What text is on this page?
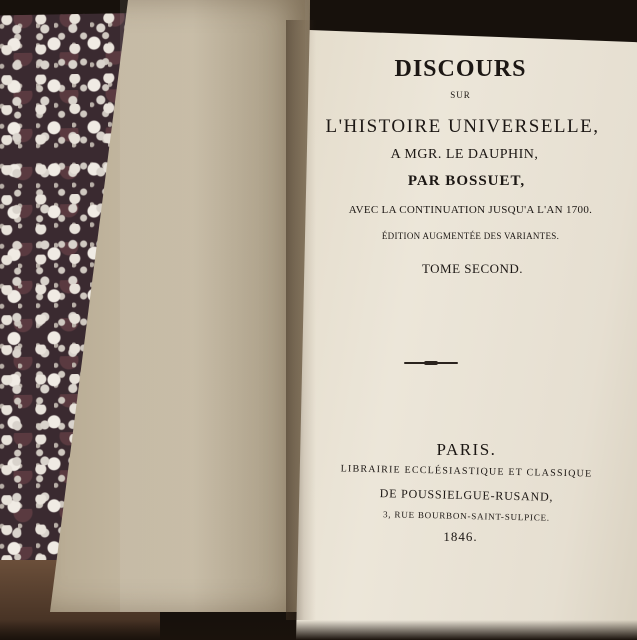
DISCOURS
SUR
L'HISTOIRE UNIVERSELLE,
A MGR. LE DAUPHIN,
PAR BOSSUET,
AVEC LA CONTINUATION JUSQU'A L'AN 1700.
ÉDITION AUGMENTÉE DES VARIANTES.
TOME SECOND.
PARIS.
LIBRAIRIE ECCLÉSIASTIQUE ET CLASSIQUE
DE POUSSIELGUE-RUSAND,
3, RUE BOURBON-SAINT-SULPICE.
1846.
